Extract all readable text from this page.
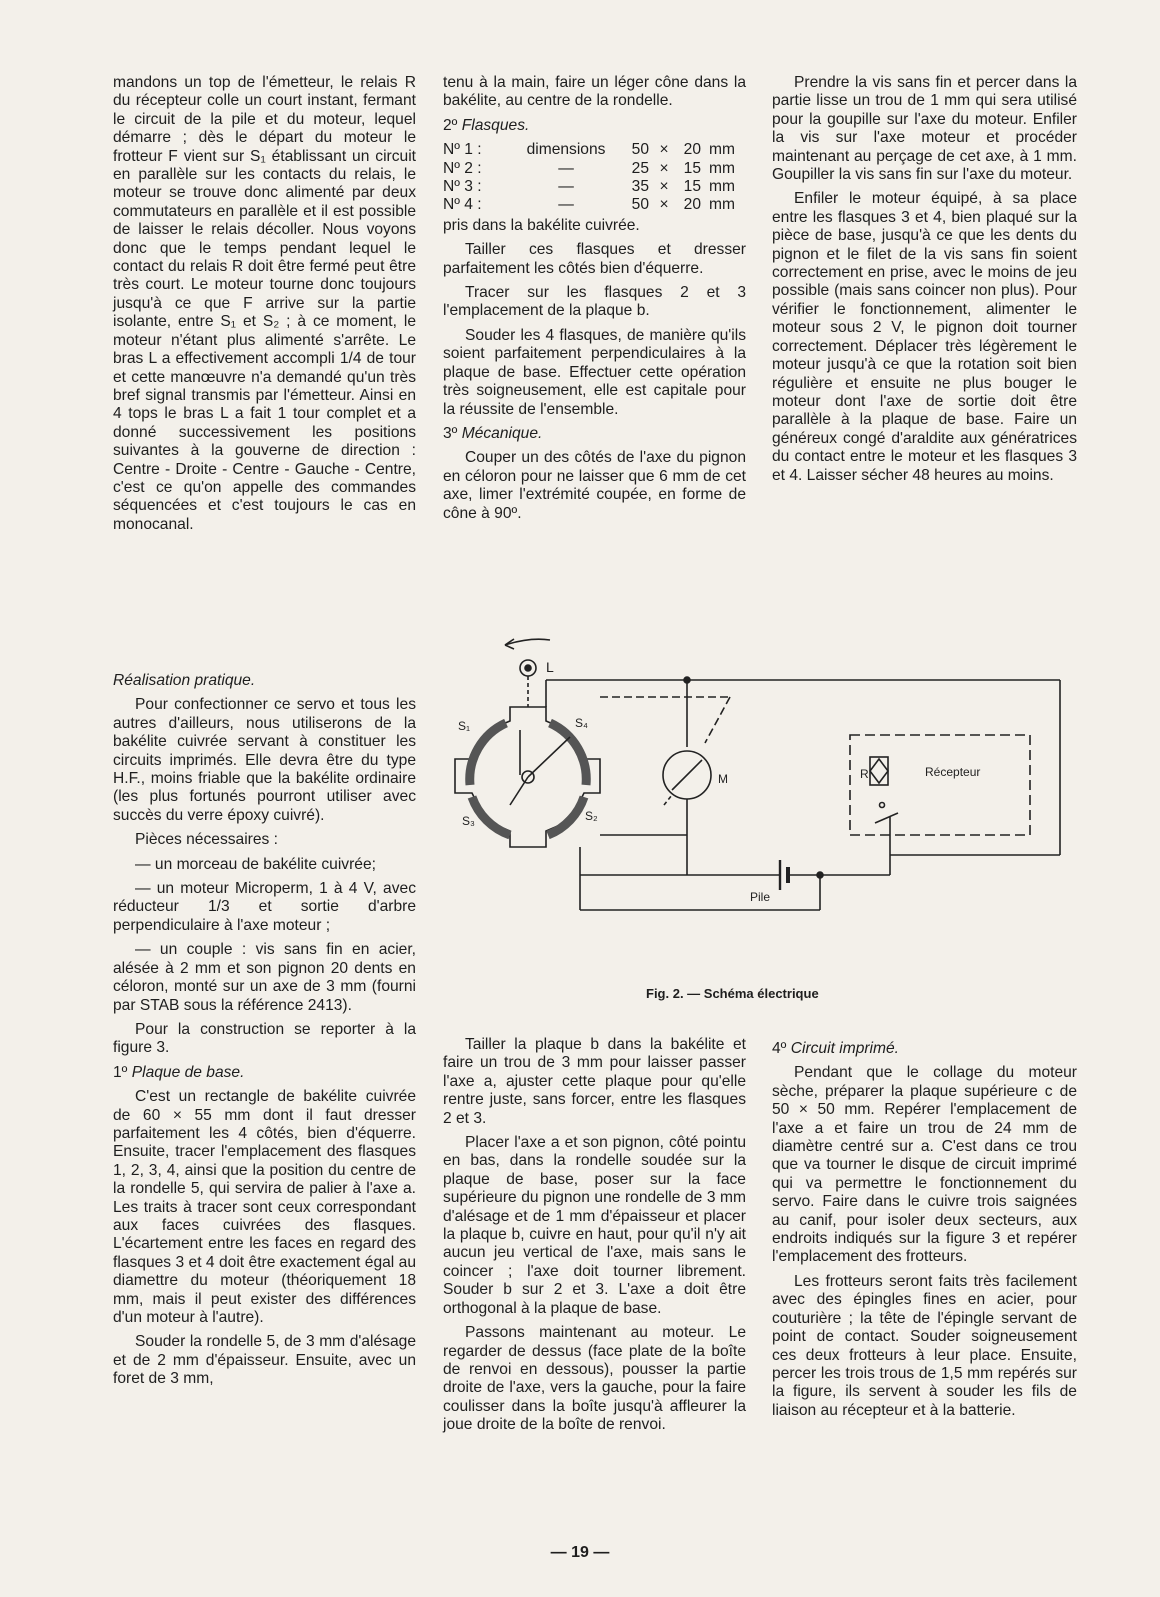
mandons un top de l'émetteur, le relais R du récepteur colle un court instant, fermant le circuit de la pile et du moteur, lequel démarre ; dès le départ du moteur le frotteur F vient sur S₁ établissant un circuit en parallèle sur les contacts du relais, le moteur se trouve donc alimenté par deux commutateurs en parallèle et il est possible de laisser le relais décoller. Nous voyons donc que le temps pendant lequel le contact du relais R doit être fermé peut être très court. Le moteur tourne donc toujours jusqu'à ce que F arrive sur la partie isolante, entre S₁ et S₂ ; à ce moment, le moteur n'étant plus alimenté s'arrête. Le bras L a effectivement accompli 1/4 de tour et cette manœuvre n'a demandé qu'un très bref signal transmis par l'émetteur. Ainsi en 4 tops le bras L a fait 1 tour complet et a donné successivement les positions suivantes à la gouverne de direction : Centre - Droite - Centre - Gauche - Centre, c'est ce qu'on appelle des commandes séquencées et c'est toujours le cas en monocanal.

Réalisation pratique.

Pour confectionner ce servo et tous les autres d'ailleurs, nous utiliserons de la bakélite cuivrée servant à constituer les circuits imprimés. Elle devra être du type H.F., moins friable que la bakélite ordinaire (les plus fortunés pourront utiliser avec succès du verre époxy cuivré).

Pièces nécessaires :

— un morceau de bakélite cuivrée;

— un moteur Microperm, 1 à 4 V, avec réducteur 1/3 et sortie d'arbre perpendiculaire à l'axe moteur ;

— un couple : vis sans fin en acier, alésée à 2 mm et son pignon 20 dents en céloron, monté sur un axe de 3 mm (fourni par STAB sous la référence 2413).

Pour la construction se reporter à la figure 3.

1º Plaque de base.

C'est un rectangle de bakélite cuivrée de 60 × 55 mm dont il faut dresser parfaitement les 4 côtés, bien d'équerre. Ensuite, tracer l'emplacement des flasques 1, 2, 3, 4, ainsi que la position du centre de la rondelle 5, qui servira de palier à l'axe a. Les traits à tracer sont ceux correspondant aux faces cuivrées des flasques. L'écartement entre les faces en regard des flasques 3 et 4 doit être exactement égal au diamettre du moteur (théoriquement 18 mm, mais il peut exister des différences d'un moteur à l'autre).

Souder la rondelle 5, de 3 mm d'alésage et de 2 mm d'épaisseur. Ensuite, avec un foret de 3 mm,

tenu à la main, faire un léger cône dans la bakélite, au centre de la rondelle.

2º Flasques.

Nº 1 :	dimensions	50	×	20	mm
Nº 2 :	—	25	×	15	mm
Nº 3 :	—	35	×	15	mm
Nº 4 :	—	50	×	20	mm

pris dans la bakélite cuivrée.

Tailler ces flasques et dresser parfaitement les côtés bien d'équerre.

Tracer sur les flasques 2 et 3 l'emplacement de la plaque b.

Souder les 4 flasques, de manière qu'ils soient parfaitement perpendiculaires à la plaque de base. Effectuer cette opération très soigneusement, elle est capitale pour la réussite de l'ensemble.

3º Mécanique.

Couper un des côtés de l'axe du pignon en céloron pour ne laisser que 6 mm de cet axe, limer l'extrémité coupée, en forme de cône à 90º.

Tailler la plaque b dans la bakélite et faire un trou de 3 mm pour laisser passer l'axe a, ajuster cette plaque pour qu'elle rentre juste, sans forcer, entre les flasques 2 et 3.

Placer l'axe a et son pignon, côté pointu en bas, dans la rondelle soudée sur la plaque de base, poser sur la face supérieure du pignon une rondelle de 3 mm d'alésage et de 1 mm d'épaisseur et placer la plaque b, cuivre en haut, pour qu'il n'y ait aucun jeu vertical de l'axe, mais sans le coincer ; l'axe doit tourner librement. Souder b sur 2 et 3. L'axe a doit être orthogonal à la plaque de base.

Passons maintenant au moteur. Le regarder de dessus (face plate de la boîte de renvoi en dessous), pousser la partie droite de l'axe, vers la gauche, pour la faire coulisser dans la boîte jusqu'à affleurer la joue droite de la boîte de renvoi.

Prendre la vis sans fin et percer dans la partie lisse un trou de 1 mm qui sera utilisé pour la goupille sur l'axe du moteur. Enfiler la vis sur l'axe moteur et procéder maintenant au perçage de cet axe, à 1 mm. Goupiller la vis sans fin sur l'axe du moteur.

Enfiler le moteur équipé, à sa place entre les flasques 3 et 4, bien plaqué sur la pièce de base, jusqu'à ce que les dents du pignon et le filet de la vis sans fin soient correctement en prise, avec le moins de jeu possible (mais sans coincer non plus). Pour vérifier le fonctionnement, alimenter le moteur sous 2 V, le pignon doit tourner correctement. Déplacer très légèrement le moteur jusqu'à ce que la rotation soit bien régulière et ensuite ne plus bouger le moteur dont l'axe de sortie doit être parallèle à la plaque de base. Faire un généreux congé d'araldite aux génératrices du contact entre le moteur et les flasques 3 et 4. Laisser sécher 48 heures au moins.

4º Circuit imprimé.

Pendant que le collage du moteur sèche, préparer la plaque supérieure c de 50 × 50 mm. Repérer l'emplacement de l'axe a et faire un trou de 24 mm de diamètre centré sur a. C'est dans ce trou que va tourner le disque de circuit imprimé qui va permettre le fonctionnement du servo. Faire dans le cuivre trois saignées au canif, pour isoler deux secteurs, aux endroits indiqués sur la figure 3 et repérer l'emplacement des frotteurs.

Les frotteurs seront faits très facilement avec des épingles fines en acier, pour couturière ; la tête de l'épingle servant de point de contact. Souder soigneusement ces deux frotteurs à leur place. Ensuite, percer les trois trous de 1,5 mm repérés sur la figure, ils servent à souder les fils de liaison au récepteur et à la batterie.

L
S₁	S₄
S₃	S₂
M
Pile
R	Récepteur
Fig. 2. — Schéma électrique
— 19 —
